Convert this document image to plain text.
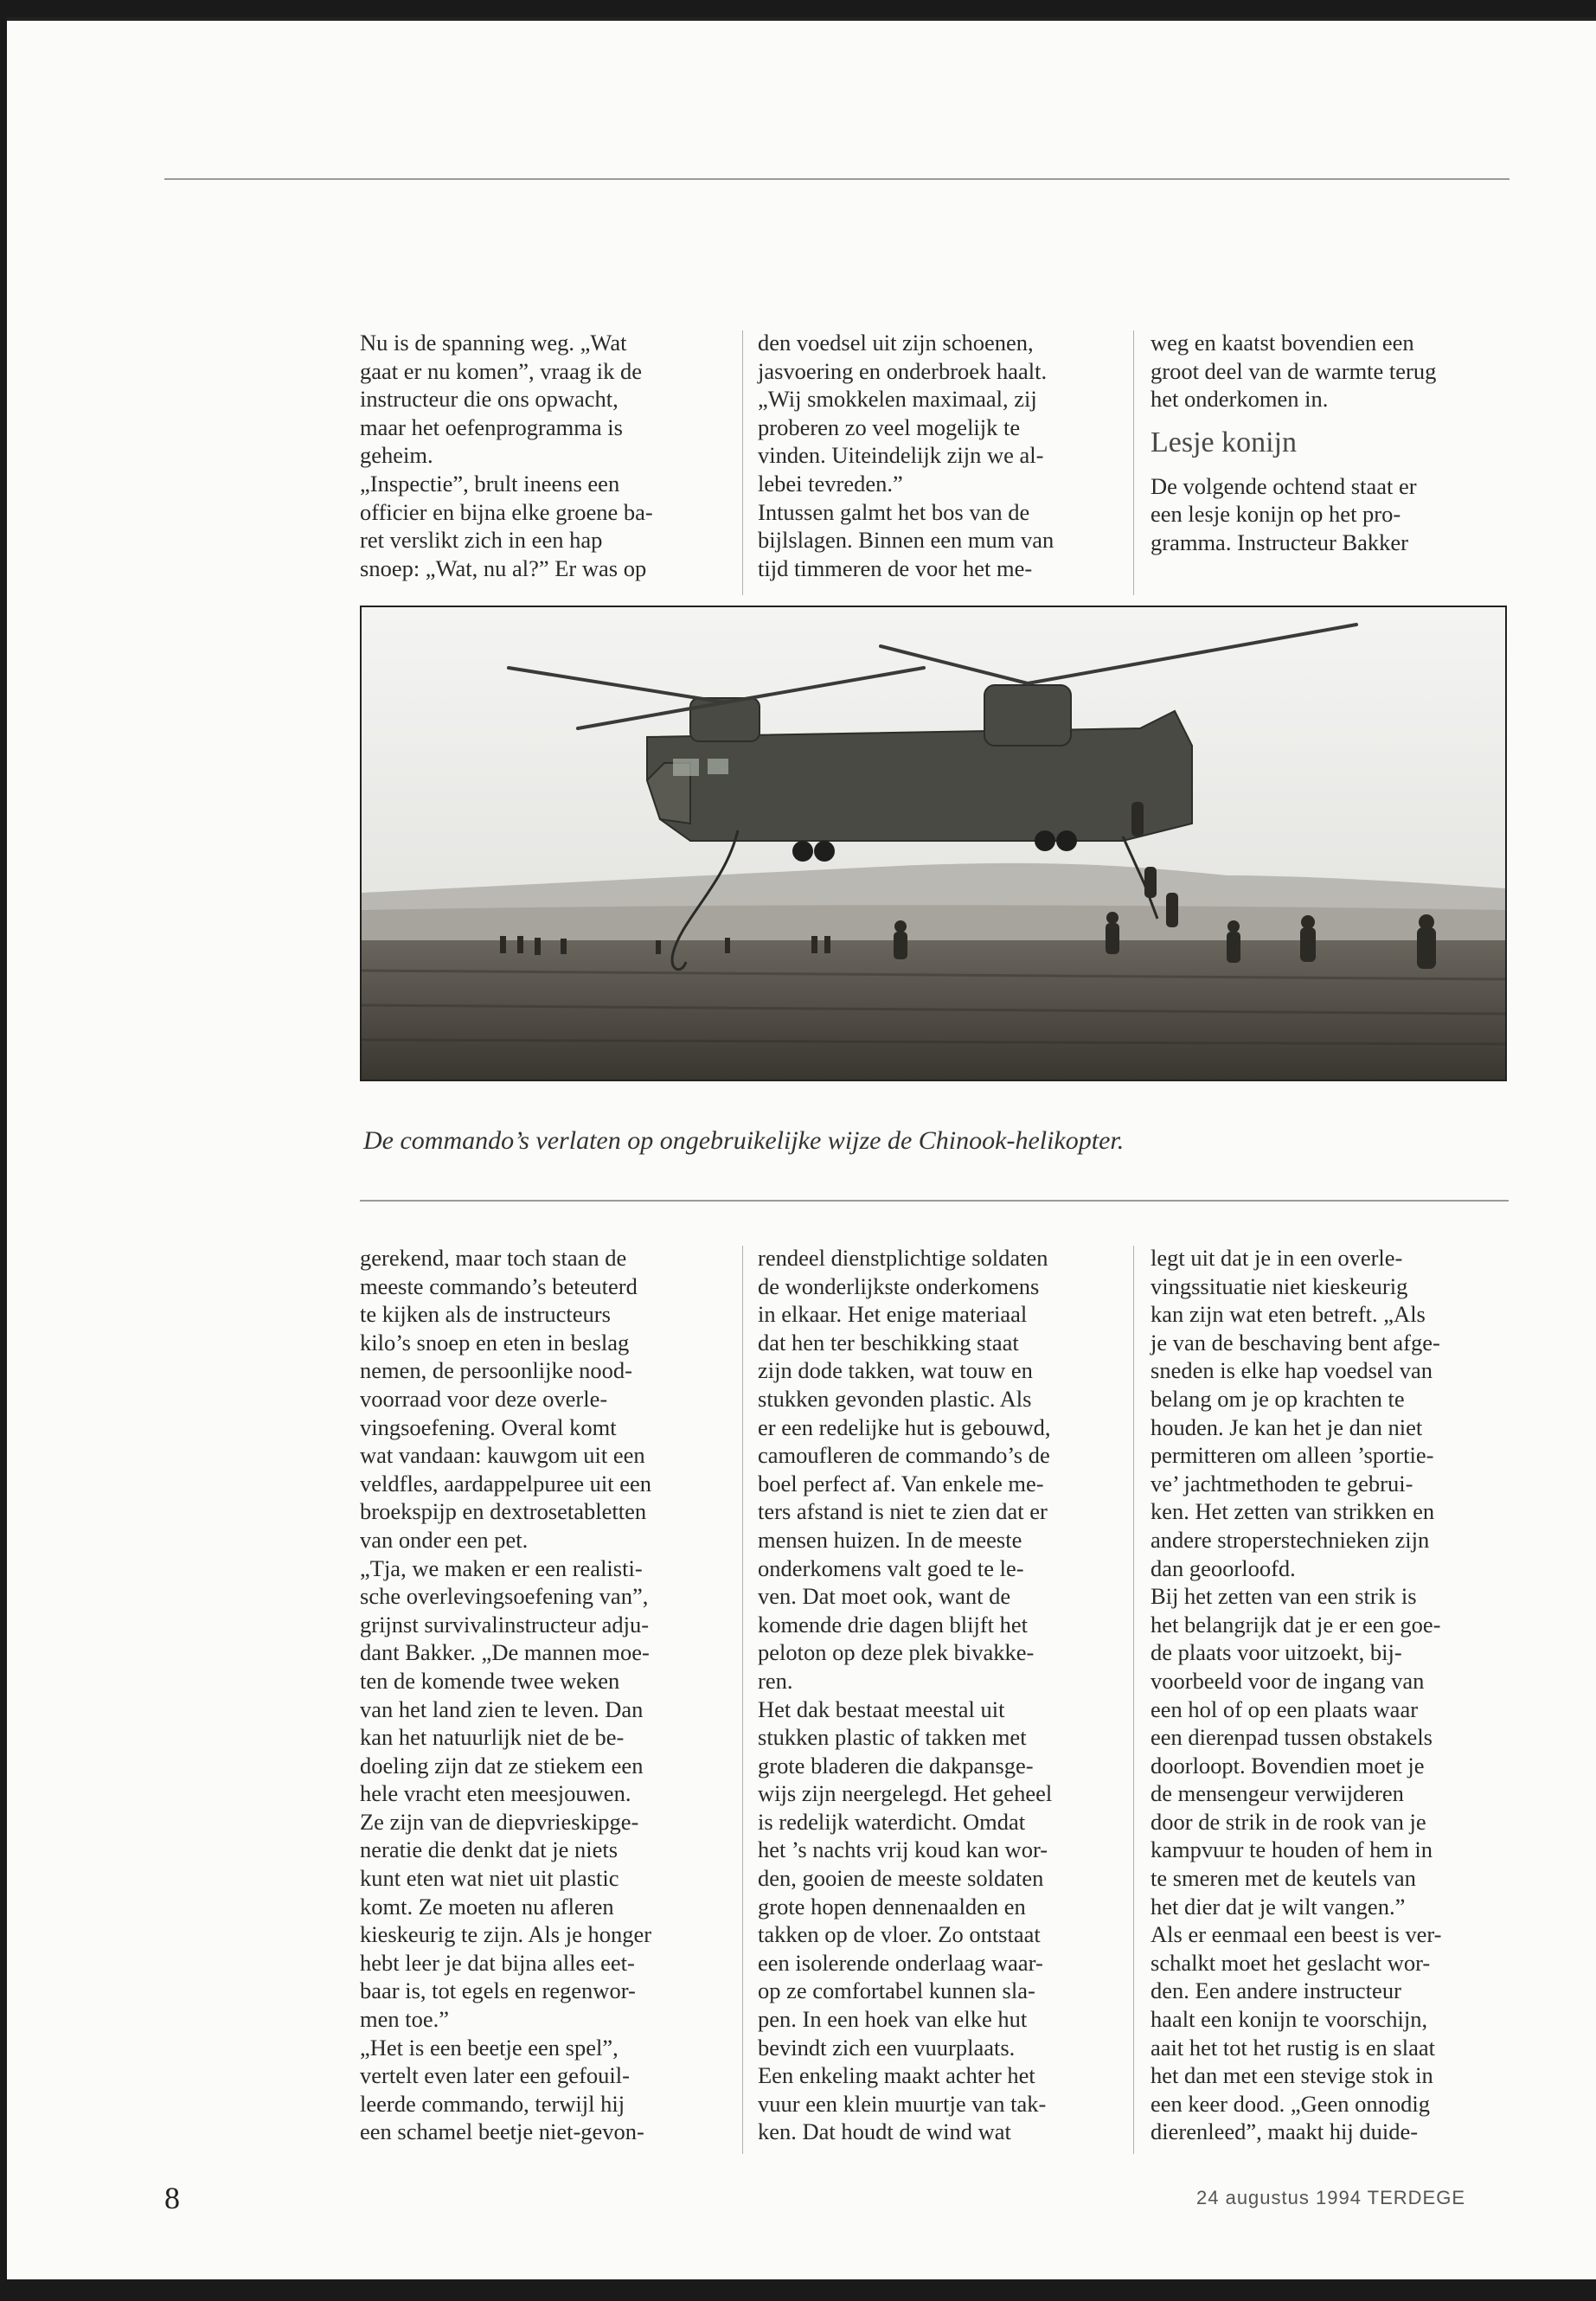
Nu is de spanning weg. „Wat
gaat er nu komen”, vraag ik de
instructeur die ons opwacht,
maar het oefenprogramma is
geheim.
„Inspectie”, brult ineens een
officier en bijna elke groene ba-
ret verslikt zich in een hap
snoep: „Wat, nu al?” Er was op

den voedsel uit zijn schoenen,
jasvoering en onderbroek haalt.
„Wij smokkelen maximaal, zij
proberen zo veel mogelijk te
vinden. Uiteindelijk zijn we al-
lebei tevreden.”
Intussen galmt het bos van de
bijlslagen. Binnen een mum van
tijd timmeren de voor het me-

weg en kaatst bovendien een
groot deel van de warmte terug
het onderkomen in.

Lesje konijn

De volgende ochtend staat er
een lesje konijn op het pro-
gramma. Instructeur Bakker

De commando’s verlaten op ongebruikelijke wijze de Chinook-helikopter.

gerekend, maar toch staan de
meeste commando’s beteuterd
te kijken als de instructeurs
kilo’s snoep en eten in beslag
nemen, de persoonlijke nood-
voorraad voor deze overle-
vingsoefening. Overal komt
wat vandaan: kauwgom uit een
veldfles, aardappelpuree uit een
broekspijp en dextrosetabletten
van onder een pet.
„Tja, we maken er een realisti-
sche overlevingsoefening van”,
grijnst survivalinstructeur adju-
dant Bakker. „De mannen moe-
ten de komende twee weken
van het land zien te leven. Dan
kan het natuurlijk niet de be-
doeling zijn dat ze stiekem een
hele vracht eten meesjouwen.
Ze zijn van de diepvrieskipge-
neratie die denkt dat je niets
kunt eten wat niet uit plastic
komt. Ze moeten nu afleren
kieskeurig te zijn. Als je honger
hebt leer je dat bijna alles eet-
baar is, tot egels en regenwor-
men toe.”
„Het is een beetje een spel”,
vertelt even later een gefouil-
leerde commando, terwijl hij
een schamel beetje niet-gevon-

rendeel dienstplichtige soldaten
de wonderlijkste onderkomens
in elkaar. Het enige materiaal
dat hen ter beschikking staat
zijn dode takken, wat touw en
stukken gevonden plastic. Als
er een redelijke hut is gebouwd,
camoufleren de commando’s de
boel perfect af. Van enkele me-
ters afstand is niet te zien dat er
mensen huizen. In de meeste
onderkomens valt goed te le-
ven. Dat moet ook, want de
komende drie dagen blijft het
peloton op deze plek bivakke-
ren.
Het dak bestaat meestal uit
stukken plastic of takken met
grote bladeren die dakpansge-
wijs zijn neergelegd. Het geheel
is redelijk waterdicht. Omdat
het ’s nachts vrij koud kan wor-
den, gooien de meeste soldaten
grote hopen dennenaalden en
takken op de vloer. Zo ontstaat
een isolerende onderlaag waar-
op ze comfortabel kunnen sla-
pen. In een hoek van elke hut
bevindt zich een vuurplaats.
Een enkeling maakt achter het
vuur een klein muurtje van tak-
ken. Dat houdt de wind wat

legt uit dat je in een overle-
vingssituatie niet kieskeurig
kan zijn wat eten betreft. „Als
je van de beschaving bent afge-
sneden is elke hap voedsel van
belang om je op krachten te
houden. Je kan het je dan niet
permitteren om alleen ’sportie-
ve’ jachtmethoden te gebrui-
ken. Het zetten van strikken en
andere stroperstechnieken zijn
dan geoorloofd.
Bij het zetten van een strik is
het belangrijk dat je er een goe-
de plaats voor uitzoekt, bij-
voorbeeld voor de ingang van
een hol of op een plaats waar
een dierenpad tussen obstakels
doorloopt. Bovendien moet je
de mensengeur verwijderen
door de strik in de rook van je
kampvuur te houden of hem in
te smeren met de keutels van
het dier dat je wilt vangen.”
Als er eenmaal een beest is ver-
schalkt moet het geslacht wor-
den. Een andere instructeur
haalt een konijn te voorschijn,
aait het tot het rustig is en slaat
het dan met een stevige stok in
een keer dood. „Geen onnodig
dierenleed”, maakt hij duide-

8	24 augustus 1994 TERDEGE
